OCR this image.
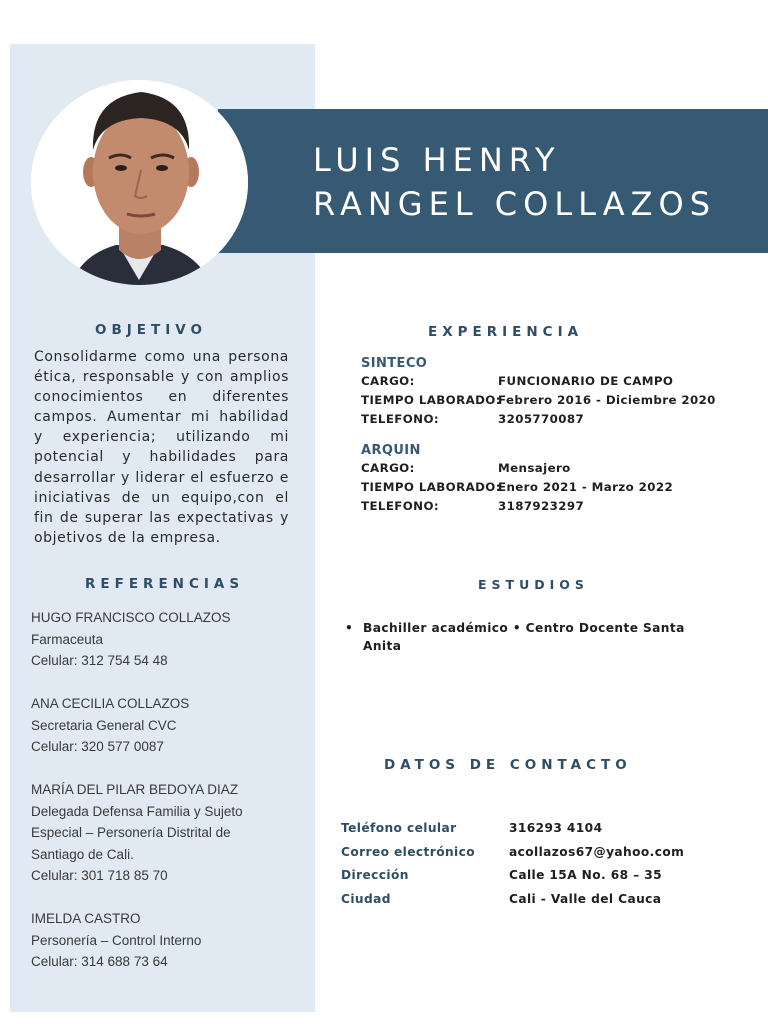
LUIS HENRY
RANGEL COLLAZOS
OBJETIVO
Consolidarme como una persona ética, responsable y con amplios conocimientos en diferentes campos. Aumentar mi habilidad y experiencia; utilizando mi potencial y habilidades para desarrollar y liderar el esfuerzo e iniciativas de un equipo,con el fin de superar las expectativas y objetivos de la empresa.
REFERENCIAS
HUGO FRANCISCO COLLAZOS
Farmaceuta
Celular: 312 754 54 48
ANA CECILIA COLLAZOS
Secretaria General CVC
Celular: 320 577 0087
MARÍA DEL PILAR BEDOYA DIAZ
Delegada Defensa Familia y Sujeto
Especial – Personería Distrital de
Santiago de Cali.
Celular: 301 718 85 70
IMELDA CASTRO
Personería – Control Interno
Celular: 314 688 73 64
EXPERIENCIA
SINTECO
CARGO:	FUNCIONARIO DE CAMPO
TIEMPO LABORADO:
Febrero 2016 - Diciembre 2020
TELEFONO:	3205770087
ARQUIN
CARGO:	Mensajero
TIEMPO LABORADO:
Enero 2021 - Marzo 2022
TELEFONO:	3187923297
ESTUDIOS
• Bachiller académico • Centro Docente Santa Anita
DATOS DE CONTACTO
Teléfono celular	316293 4104
Correo electrónico	acollazos67@yahoo.com
Dirección	Calle 15A No. 68 – 35
Ciudad	Cali - Valle del Cauca
